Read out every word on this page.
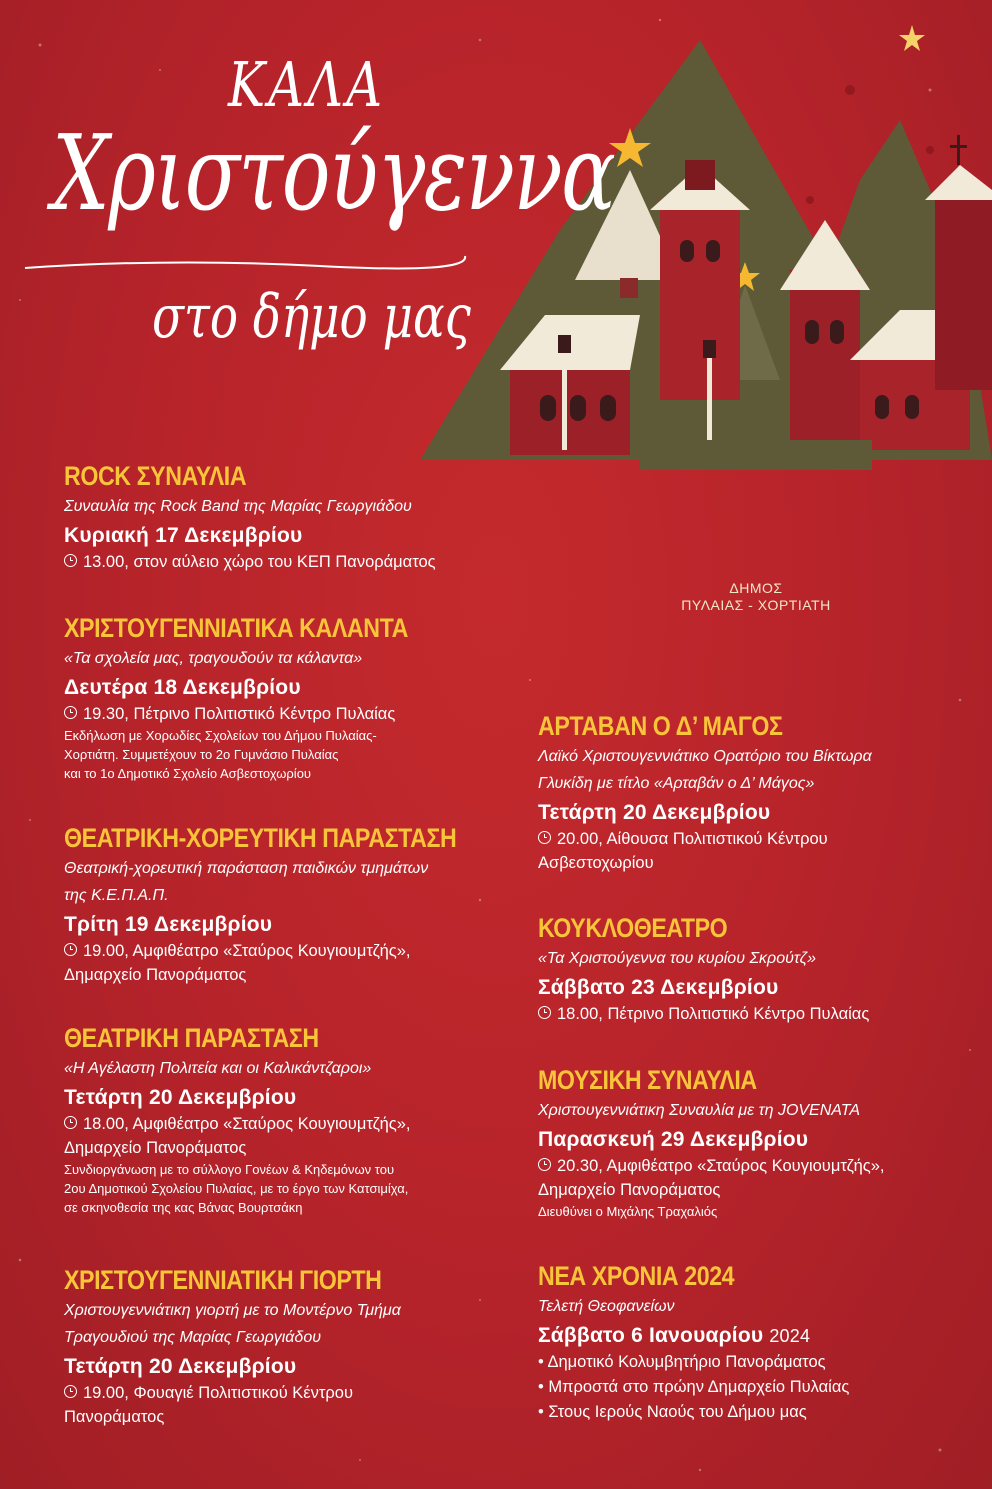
ΚΑΛΑ
Χριστούγεννα
στο δήμο μας
ΔΗΜΟΣ
ΠΥΛΑΙΑΣ - ΧΟΡΤΙΑΤΗ
ROCK ΣΥΝΑΥΛΙΑ
Συναυλία της Rock Band της Μαρίας Γεωργιάδου
Κυριακή 17 Δεκεμβρίου
13.00, στον αύλειο χώρο του ΚΕΠ Πανοράματος
ΧΡΙΣΤΟΥΓΕΝΝΙΑΤΙΚΑ ΚΑΛΑΝΤΑ
«Τα σχολεία μας, τραγουδούν τα κάλαντα»
Δευτέρα 18 Δεκεμβρίου
19.30, Πέτρινο Πολιτιστικό Κέντρο Πυλαίας
Εκδήλωση με Χορωδίες Σχολείων του Δήμου Πυλαίας-
Χορτιάτη. Συμμετέχουν το 2ο Γυμνάσιο Πυλαίας
και το 1ο Δημοτικό Σχολείο Ασβεστοχωρίου
ΘΕΑΤΡΙΚΗ-ΧΟΡΕΥΤΙΚΗ ΠΑΡΑΣΤΑΣΗ
Θεατρική-χορευτική παράσταση παιδικών τμημάτων
της Κ.Ε.Π.Α.Π.
Τρίτη 19 Δεκεμβρίου
19.00, Αμφιθέατρο «Σταύρος Κουγιουμτζής»,
Δημαρχείο Πανοράματος
ΘΕΑΤΡΙΚΗ ΠΑΡΑΣΤΑΣΗ
«Η Αγέλαστη Πολιτεία και οι Καλικάντζαροι»
Τετάρτη 20 Δεκεμβρίου
18.00, Αμφιθέατρο «Σταύρος Κουγιουμτζής»,
Δημαρχείο Πανοράματος
Συνδιοργάνωση με το σύλλογο Γονέων & Κηδεμόνων του
2ου Δημοτικού Σχολείου Πυλαίας, με το έργο των Κατσιμίχα,
σε σκηνοθεσία της κας Βάνας Βουρτσάκη
ΧΡΙΣΤΟΥΓΕΝΝΙΑΤΙΚΗ ΓΙΟΡΤΗ
Χριστουγεννιάτικη γιορτή με το Μοντέρνο Τμήμα
Τραγουδιού της Μαρίας Γεωργιάδου
Τετάρτη 20 Δεκεμβρίου
19.00, Φουαγιέ Πολιτιστικού Κέντρου
Πανοράματος
ΑΡΤΑΒΑΝ Ο Δ’ ΜΑΓΟΣ
Λαϊκό Χριστουγεννιάτικο Ορατόριο του Βίκτωρα
Γλυκίδη με τίτλο «Αρταβάν ο Δ’ Μάγος»
Τετάρτη 20 Δεκεμβρίου
20.00, Αίθουσα Πολιτιστικού Κέντρου
Ασβεστοχωρίου
ΚΟΥΚΛΟΘΕΑΤΡΟ
«Τα Χριστούγεννα του κυρίου Σκρούτζ»
Σάββατο 23 Δεκεμβρίου
18.00, Πέτρινο Πολιτιστικό Κέντρο Πυλαίας
ΜΟΥΣΙΚΗ ΣΥΝΑΥΛΙΑ
Χριστουγεννιάτικη Συναυλία με τη JOVENATA
Παρασκευή 29 Δεκεμβρίου
20.30, Αμφιθέατρο «Σταύρος Κουγιουμτζής»,
Δημαρχείο Πανοράματος
Διευθύνει ο Μιχάλης Τραχαλιός
ΝΕΑ ΧΡΟΝΙΑ 2024
Τελετή Θεοφανείων
Σάββατο 6 Ιανουαρίου 2024
• Δημοτικό Κολυμβητήριο Πανοράματος
• Μπροστά στο πρώην Δημαρχείο Πυλαίας
• Στους Ιερούς Ναούς του Δήμου μας
